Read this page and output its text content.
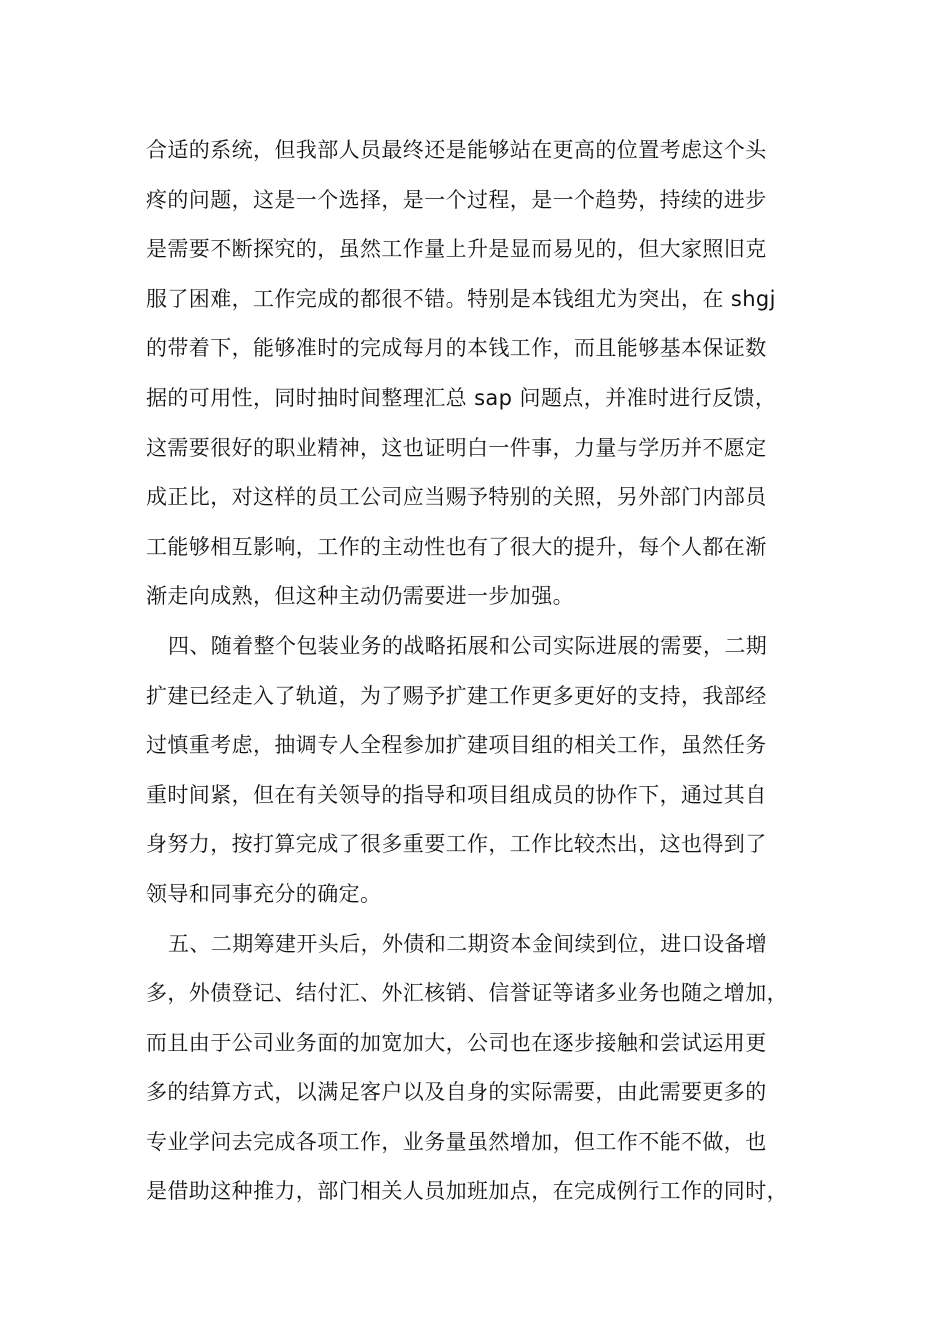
合适的系统，但我部人员最终还是能够站在更高的位置考虑这个头
疼的问题，这是一个选择，是一个过程，是一个趋势，持续的进步
是需要不断探究的，虽然工作量上升是显而易见的，但大家照旧克
服了困难，工作完成的都很不错。特别是本钱组尤为突出，在 shgj
的带着下，能够准时的完成每月的本钱工作，而且能够基本保证数
据的可用性，同时抽时间整理汇总 sap 问题点，并准时进行反馈，
这需要很好的职业精神，这也证明白一件事，力量与学历并不愿定
成正比，对这样的员工公司应当赐予特别的关照，另外部门内部员
工能够相互影响，工作的主动性也有了很大的提升，每个人都在渐
渐走向成熟，但这种主动仍需要进一步加强。
四、随着整个包装业务的战略拓展和公司实际进展的需要，二期
扩建已经走入了轨道，为了赐予扩建工作更多更好的支持，我部经
过慎重考虑，抽调专人全程参加扩建项目组的相关工作，虽然任务
重时间紧，但在有关领导的指导和项目组成员的协作下，通过其自
身努力，按打算完成了很多重要工作，工作比较杰出，这也得到了
领导和同事充分的确定。
五、二期筹建开头后，外债和二期资本金间续到位，进口设备增
多，外债登记、结付汇、外汇核销、信誉证等诸多业务也随之增加，
而且由于公司业务面的加宽加大，公司也在逐步接触和尝试运用更
多的结算方式，以满足客户以及自身的实际需要，由此需要更多的
专业学问去完成各项工作，业务量虽然增加，但工作不能不做，也
是借助这种推力，部门相关人员加班加点，在完成例行工作的同时，
